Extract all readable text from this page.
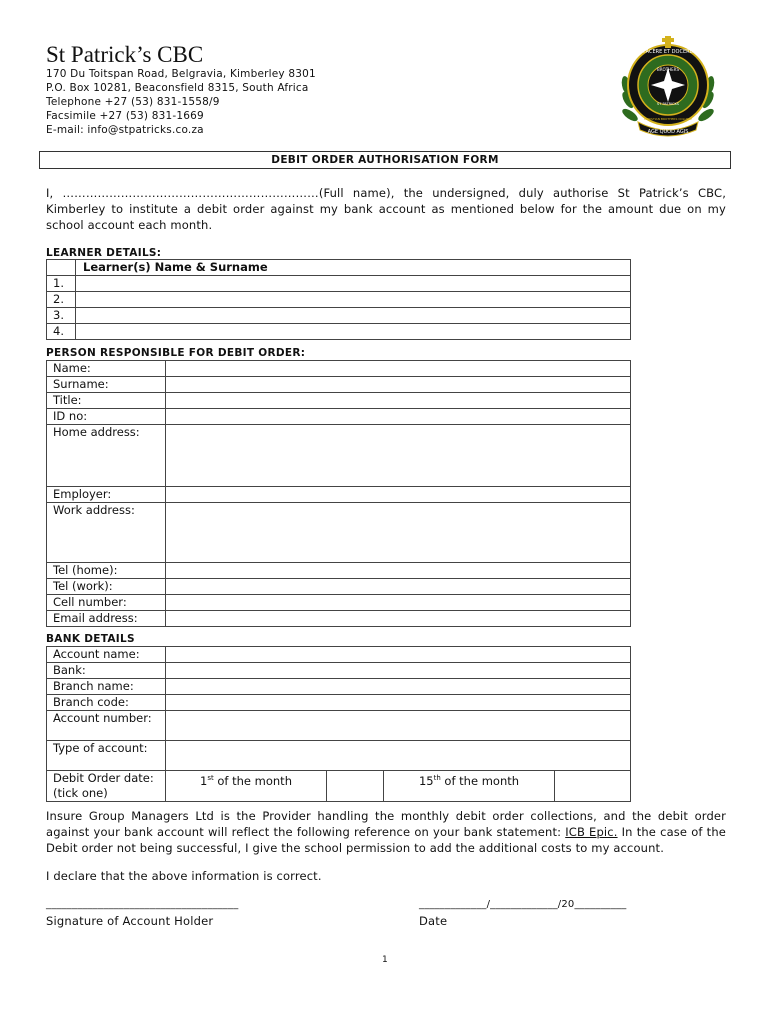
St Patrick’s CBC
170 Du Toitspan Road, Belgravia, Kimberley 8301
P.O. Box 10281, Beaconsfield 8315, South Africa
Telephone +27 (53) 831-1558/9
Facsimile +27 (53) 831-1669
E-mail: info@stpatricks.co.za	AGE QUOD AGIS
FACERE ET DOCERE
BROTHERS
ST PATRICKS
CHRISTIAN BROTHERS COLLEGE
DEBIT ORDER AUTHORISATION FORM
I, …………………………………………………………(Full name), the undersigned, duly authorise St Patrick’s CBC, Kimberley to institute a debit order against my bank account as mentioned below for the amount due on my school account each month.
LEARNER DETAILS:
	Learner(s) Name & Surname
1.	
2.	
3.	
4.	
PERSON RESPONSIBLE FOR DEBIT ORDER:
Name:	
Surname:	
Title:	
ID no:	
Home address:	
Employer:	
Work address:	
Tel (home):	
Tel (work):	
Cell number:	
Email address:	
BANK DETAILS
Account name:				
Bank:				
Branch name:				
Branch code:				
Account number:				
Type of account:				
Debit Order date: (tick one)	1st of the month		15th of the month	
Insure Group Managers Ltd is the Provider handling the monthly debit order collections, and the debit order against your bank account will reflect the following reference on your bank statement: ICB Epic. In the case of the Debit order not being successful, I give the school permission to add the additional costs to my account.
I declare that the above information is correct.
_____________________________________
Signature of Account Holder
_____________/_____________/20__________
Date
1
